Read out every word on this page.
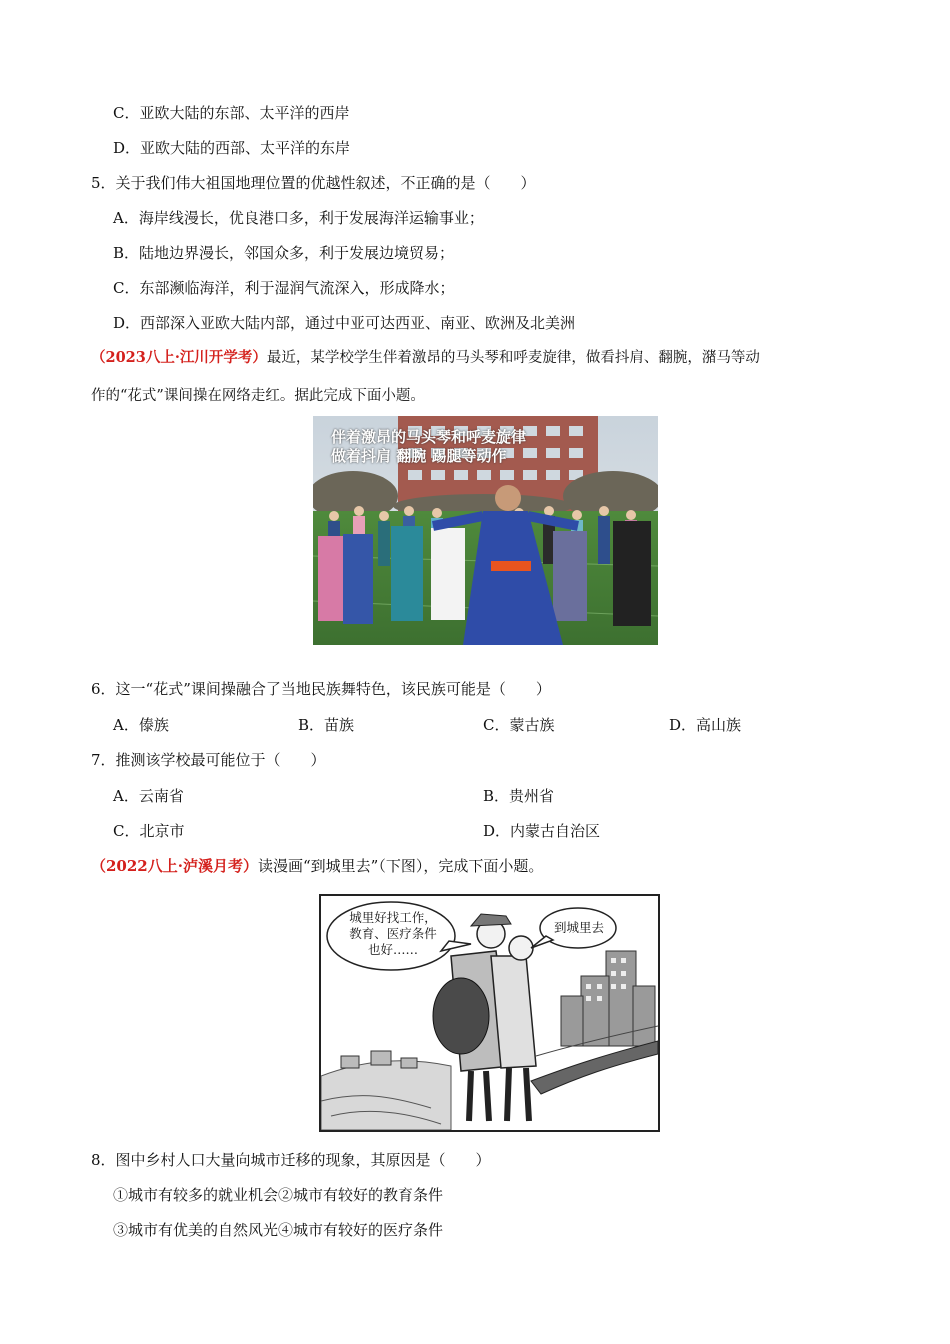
C．亚欧大陆的东部、太平洋的西岸
D．亚欧大陆的西部、太平洋的东岸
5．关于我们伟大祖国地理位置的优越性叙述，不正确的是（　　）
A．海岸线漫长，优良港口多，利于发展海洋运输事业；
B．陆地边界漫长，邻国众多，利于发展边境贸易；
C．东部濒临海洋，利于湿润气流深入，形成降水；
D．西部深入亚欧大陆内部，通过中亚可达西亚、南亚、欧洲及北美洲
（2023八上·江川开学考）最近，某学校学生伴着激昂的马头琴和呼麦旋律，做看抖肩、翻腕，潴马等动
作的“花式”课间操在网络走红。据此完成下面小题。
伴着激昂的马头琴和呼麦旋律
做着抖肩 翻腕 踢腿等动作
6．这一“花式”课间操融合了当地民族舞特色，该民族可能是（　　）
A．傣族	B．苗族	C．蒙古族	D．高山族
7．推测该学校最可能位于（　　）
A．云南省	B．贵州省
C．北京市	D．内蒙古自治区
（2022八上·泸溪月考）读漫画“到城里去”（下图），完成下面小题。
城里好找工作，
教育、医疗条件
也好……
到城里去
8．图中乡村人口大量向城市迁移的现象，其原因是（　　）
①城市有较多的就业机会②城市有较好的教育条件
③城市有优美的自然风光④城市有较好的医疗条件
